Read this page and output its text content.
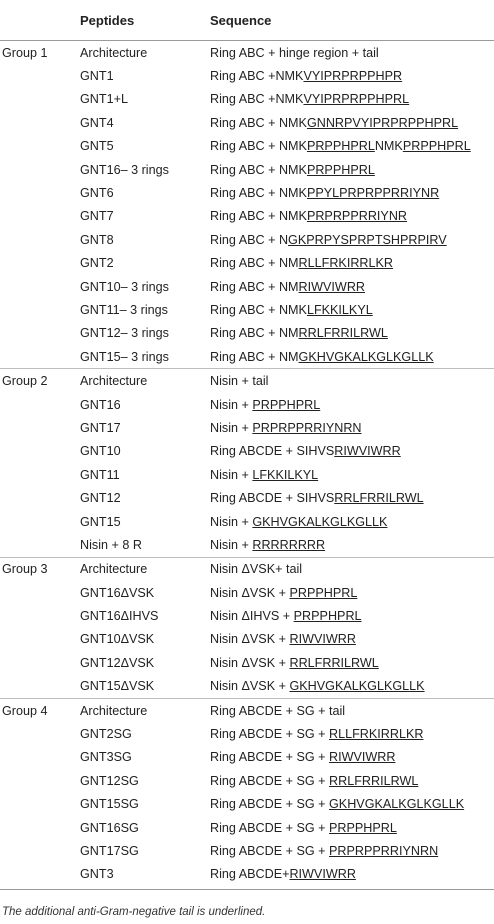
	Peptides	Sequence
Group 1	Architecture	Ring ABC + hinge region + tail
	GNT1	Ring ABC +NMKVYIPRPRPPHPR
	GNT1+L	Ring ABC +NMKVYIPRPRPPHPRL
	GNT4	Ring ABC + NMKGNNRPVYIPRPRPPHPRL
	GNT5	Ring ABC + NMKPRPPHPRLNMKPRPPHPRL
	GNT16– 3 rings	Ring ABC + NMKPRPPHPRL
	GNT6	Ring ABC + NMKPPYLPRPRPPRRIYNR
	GNT7	Ring ABC + NMKPRPRPPRRIYNR
	GNT8	Ring ABC + NGKPRPYSPRPTSHPRPIRV
	GNT2	Ring ABC + NMRLLFRKIRRLKR
	GNT10– 3 rings	Ring ABC + NMRIWVIWRR
	GNT11– 3 rings	Ring ABC + NMKLFKKILKYL
	GNT12– 3 rings	Ring ABC + NMRRLFRRILRWL
	GNT15– 3 rings	Ring ABC + NMGKHVGKALKGLKGLLK
Group 2	Architecture	Nisin + tail
	GNT16	Nisin + PRPPHPRL
	GNT17	Nisin + PRPRPPRRIYNRN
	GNT10	Ring ABCDE + SIHVSRIWVIWRR
	GNT11	Nisin + LFKKILKYL
	GNT12	Ring ABCDE + SIHVSRRLFRRILRWL
	GNT15	Nisin + GKHVGKALKGLKGLLK
	Nisin + 8 R	Nisin + RRRRRRRR
Group 3	Architecture	Nisin ΔVSK+ tail
	GNT16ΔVSK	Nisin ΔVSK + PRPPHPRL
	GNT16ΔIHVS	Nisin ΔIHVS + PRPPHPRL
	GNT10ΔVSK	Nisin ΔVSK + RIWVIWRR
	GNT12ΔVSK	Nisin ΔVSK + RRLFRRILRWL
	GNT15ΔVSK	Nisin ΔVSK + GKHVGKALKGLKGLLK
Group 4	Architecture	Ring ABCDE + SG + tail
	GNT2SG	Ring ABCDE + SG + RLLFRKIRRLKR
	GNT3SG	Ring ABCDE + SG + RIWVIWRR
	GNT12SG	Ring ABCDE + SG + RRLFRRILRWL
	GNT15SG	Ring ABCDE + SG + GKHVGKALKGLKGLLK
	GNT16SG	Ring ABCDE + SG + PRPPHPRL
	GNT17SG	Ring ABCDE + SG + PRPRPPRRIYNRN
	GNT3	Ring ABCDE+RIWVIWRR
The additional anti-Gram-negative tail is underlined.
